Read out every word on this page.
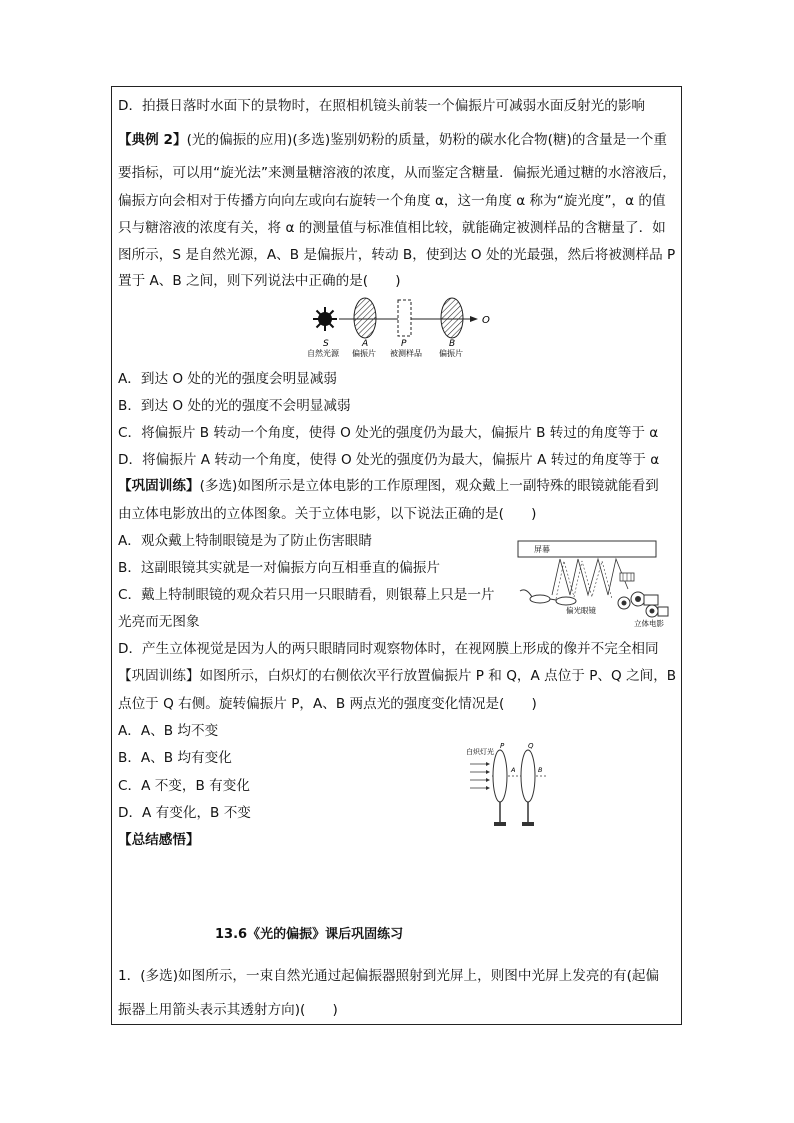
D．拍摄日落时水面下的景物时，在照相机镜头前装一个偏振片可减弱水面反射光的影响
【典例 2】(光的偏振的应用)(多选)鉴别奶粉的质量，奶粉的碳水化合物(糖)的含量是一个重
要指标，可以用“旋光法”来测量糖溶液的浓度，从而鉴定含糖量．偏振光通过糖的水溶液后，
偏振方向会相对于传播方向向左或向右旋转一个角度 α，这一角度 α 称为“旋光度”，α 的值
只与糖溶液的浓度有关，将 α 的测量值与标准值相比较，就能确定被测样品的含糖量了．如
图所示，S 是自然光源，A、B 是偏振片，转动 B，使到达 O 处的光最强，然后将被测样品 P
置于 A、B 之间，则下列说法中正确的是(　　)
O
S
自然光源
A
偏振片
P
被测样品
B
偏振片
A．到达 O 处的光的强度会明显减弱
B．到达 O 处的光的强度不会明显减弱
C．将偏振片 B 转动一个角度，使得 O 处光的强度仍为最大，偏振片 B 转过的角度等于 α
D．将偏振片 A 转动一个角度，使得 O 处光的强度仍为最大，偏振片 A 转过的角度等于 α
【巩固训练】(多选)如图所示是立体电影的工作原理图，观众戴上一副特殊的眼镜就能看到
由立体电影放出的立体图象。关于立体电影，以下说法正确的是(　　)
A．观众戴上特制眼镜是为了防止伤害眼睛
B．这副眼镜其实就是一对偏振方向互相垂直的偏振片
C．戴上特制眼镜的观众若只用一只眼睛看，则银幕上只是一片
光亮而无图象
屏幕
偏光眼镜
立体电影
D．产生立体视觉是因为人的两只眼睛同时观察物体时，在视网膜上形成的像并不完全相同
【巩固训练】如图所示，白炽灯的右侧依次平行放置偏振片 P 和 Q，A 点位于 P、Q 之间，B
点位于 Q 右侧。旋转偏振片 P，A、B 两点光的强度变化情况是(　　)
A．A、B 均不变
B．A、B 均有变化
C．A 不变，B 有变化
D．A 有变化，B 不变
白炽灯光
P	Q
A	B
【总结感悟】
13.6《光的偏振》课后巩固练习
1．(多选)如图所示，一束自然光通过起偏振器照射到光屏上，则图中光屏上发亮的有(起偏
振器上用箭头表示其透射方向)(　　)
